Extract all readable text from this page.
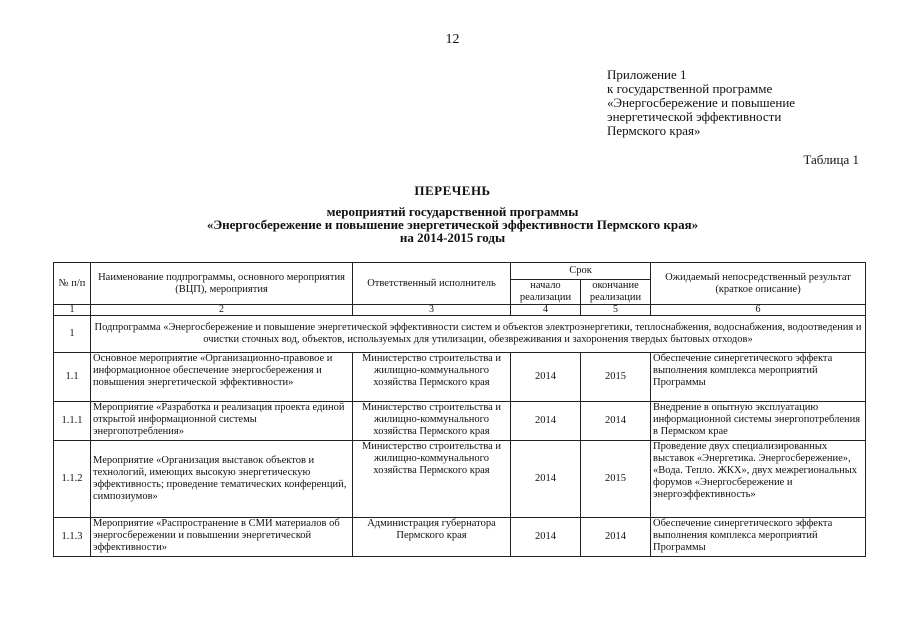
12
Приложение 1
к государственной программе
«Энергосбережение и повышение
энергетической эффективности
Пермского края»
Таблица 1
ПЕРЕЧЕНЬ
мероприятий государственной программы
«Энергосбережение и повышение энергетической эффективности Пермского края»
на 2014-2015 годы
№ п/п	Наименование подпрограммы, основного мероприятия (ВЦП), мероприятия	Ответственный исполнитель	Срок		Ожидаемый непосредственный результат (краткое описание)
			начало реализации	окончание реализации	
1	2	3	4	5	6
1	Подпрограмма «Энергосбережение и повышение энергетической эффективности систем и объектов электроэнергетики, теплоснабжения, водоснабжения, водоотведения и очистки сточных вод, объектов, используемых для утилизации, обезвреживания и захоронения твердых бытовых отходов»				
1.1	Основное мероприятие «Организационно-правовое и информационное обеспечение энергосбережения и повышения энергетической эффективности»	Министерство строительства и жилищно-коммунального хозяйства Пермского края	2014	2015	Обеспечение синергетического эффекта выполнения комплекса мероприятий Программы
1.1.1	Мероприятие «Разработка и реализация проекта единой открытой информационной системы энергопотребления»	Министерство строительства и жилищно-коммунального хозяйства Пермского края	2014	2014	Внедрение в опытную эксплуатацию информационной системы энергопотребления в Пермском крае
1.1.2	Мероприятие «Организация выставок объектов и технологий, имеющих высокую энергетическую эффективность; проведение тематических конференций, симпозиумов»	Министерство строительства и жилищно-коммунального хозяйства Пермского края	2014	2015	Проведение двух специализированных выставок «Энергетика. Энергосбережение», «Вода. Тепло. ЖКХ», двух межрегиональных форумов «Энергосбережение и энергоэффективность»
1.1.3	Мероприятие «Распространение в СМИ материалов об энергосбережении и повышении энергетической эффективности»	Администрация губернатора Пермского края	2014	2014	Обеспечение синергетического эффекта выполнения комплекса мероприятий Программы
